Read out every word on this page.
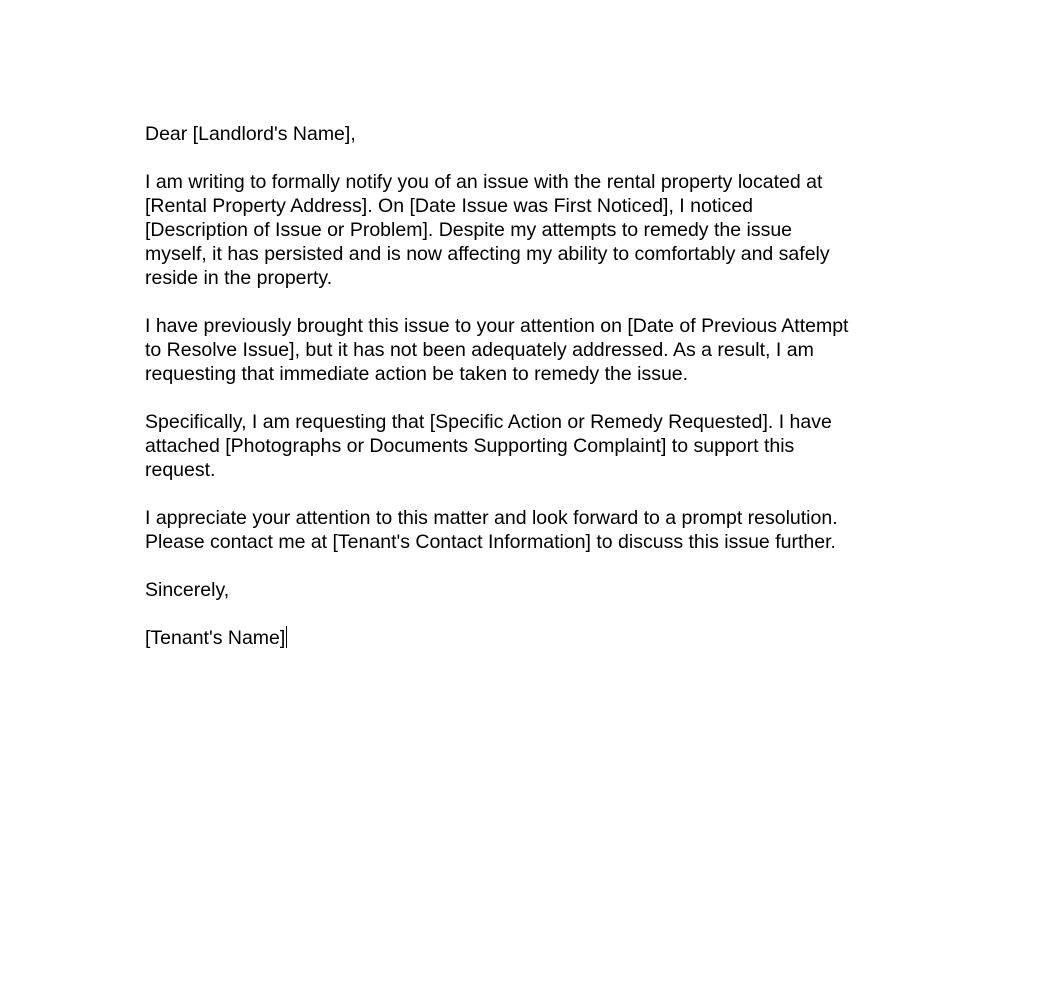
Dear [Landlord's Name],

I am writing to formally notify you of an issue with the rental property located at
[Rental Property Address]. On [Date Issue was First Noticed], I noticed
[Description of Issue or Problem]. Despite my attempts to remedy the issue
myself, it has persisted and is now affecting my ability to comfortably and safely
reside in the property.

I have previously brought this issue to your attention on [Date of Previous Attempt
to Resolve Issue], but it has not been adequately addressed. As a result, I am
requesting that immediate action be taken to remedy the issue.

Specifically, I am requesting that [Specific Action or Remedy Requested]. I have
attached [Photographs or Documents Supporting Complaint] to support this
request.

I appreciate your attention to this matter and look forward to a prompt resolution.
Please contact me at [Tenant's Contact Information] to discuss this issue further.

Sincerely,

[Tenant's Name]
